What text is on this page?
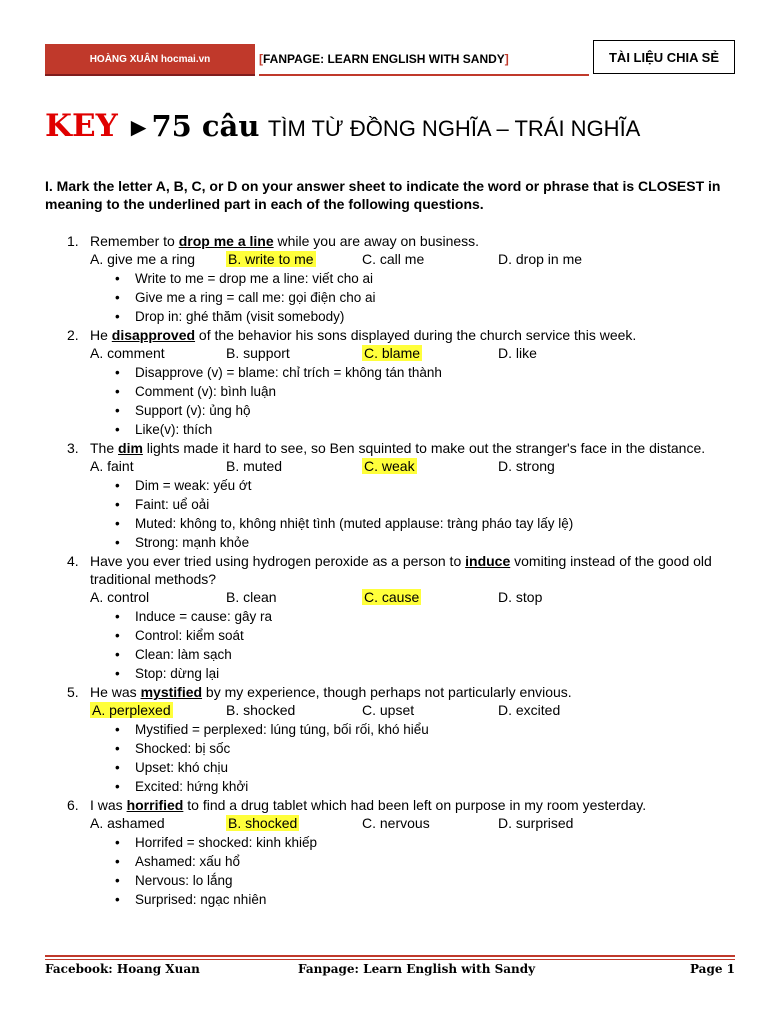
HOÀNG XUÂN hocmai.vn	[ FANPAGE: LEARN ENGLISH WITH SANDY ]	TÀI LIỆU CHIA SẺ
KEY ►75 câu TÌM TỪ ĐỒNG NGHĨA – TRÁI NGHĨA
I. Mark the letter A, B, C, or D on your answer sheet to indicate the word or phrase that is CLOSEST in meaning to the underlined part in each of the following questions.
1. Remember to drop me a line while you are away on business.
A. give me a ring	B. write to me	C. call me	D. drop in me
• Write to me = drop me a line: viết cho ai
• Give me a ring = call me: gọi điện cho ai
• Drop in: ghé thăm (visit somebody)
2. He disapproved of the behavior his sons displayed during the church service this week.
A. comment	B. support	C. blame	D. like
• Disapprove (v) = blame: chỉ trích = không tán thành
• Comment (v): bình luận
• Support (v): ủng hộ
• Like(v): thích
3. The dim lights made it hard to see, so Ben squinted to make out the stranger's face in the distance.
A. faint	B. muted	C. weak	D. strong
• Dim = weak: yếu ớt
• Faint: uể oải
• Muted: không to, không nhiệt tình (muted applause: tràng pháo tay lấy lệ)
• Strong: mạnh khỏe
4. Have you ever tried using hydrogen peroxide as a person to induce vomiting instead of the good old traditional methods?
A. control	B. clean	C. cause	D. stop
• Induce = cause: gây ra
• Control: kiểm soát
• Clean: làm sạch
• Stop: dừng lại
5. He was mystified by my experience, though perhaps not particularly envious.
A. perplexed	B. shocked	C. upset	D. excited
• Mystified = perplexed: lúng túng, bối rối, khó hiểu
• Shocked: bị sốc
• Upset: khó chịu
• Excited: hứng khởi
6. I was horrified to find a drug tablet which had been left on purpose in my room yesterday.
A. ashamed	B. shocked	C. nervous	D. surprised
• Horrifed = shocked: kinh khiếp
• Ashamed: xấu hổ
• Nervous: lo lắng
• Surprised: ngạc nhiên
Facebook: Hoang Xuan	Fanpage: Learn English with Sandy	Page 1
